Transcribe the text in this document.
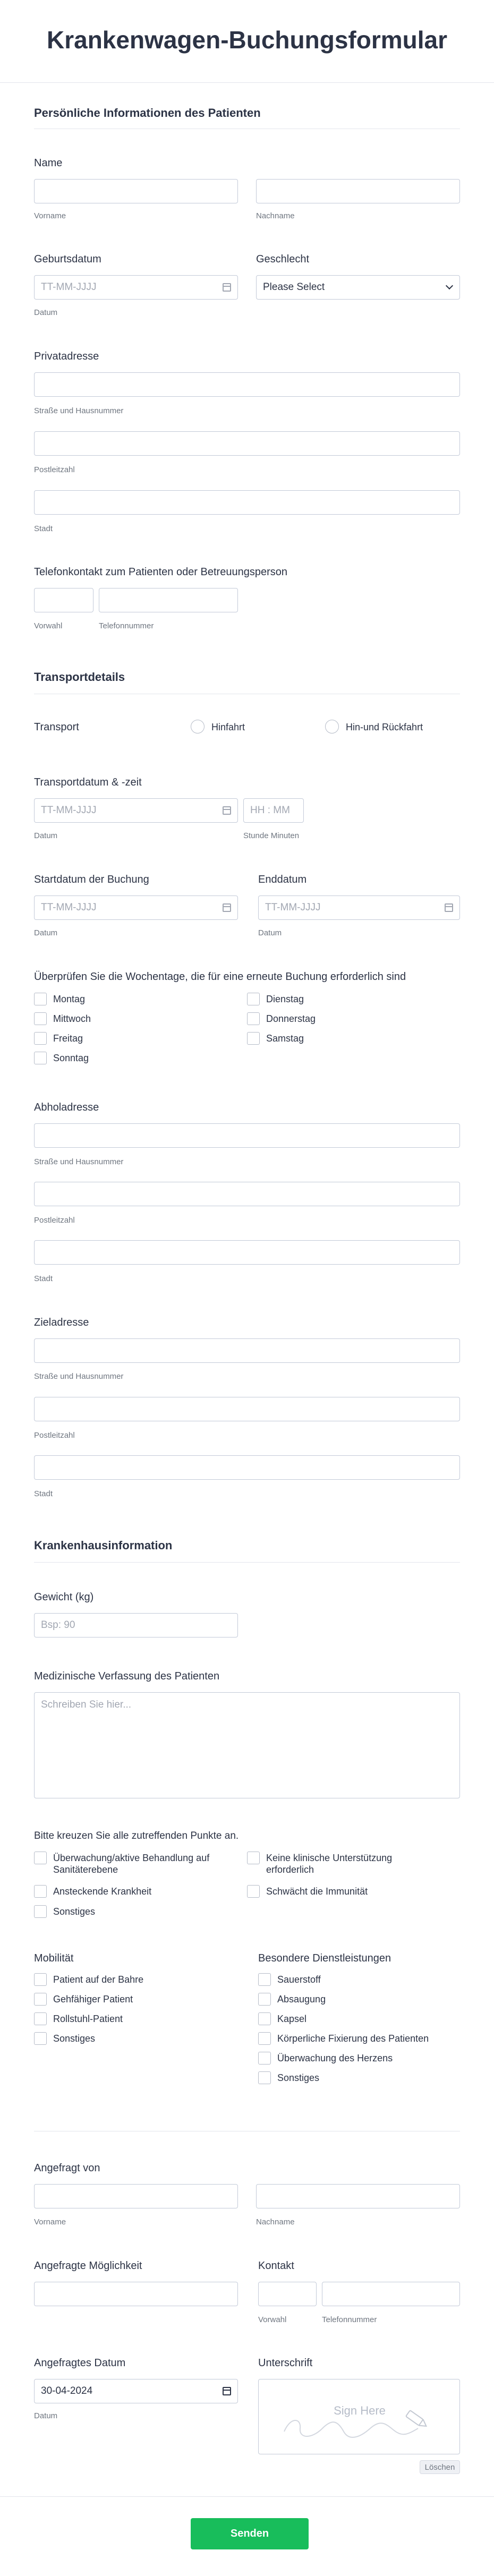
Krankenwagen-Buchungsformular
Persönliche Informationen des Patienten
Name
Vorname	Nachname
Geburtsdatum
TT-MM-JJJJ
Datum
Geschlecht
Please Select
Privatadresse
Straße und Hausnummer
Postleitzahl
Stadt
Telefonkontakt zum Patienten oder Betreuungsperson
Vorwahl	Telefonnummer
Transportdetails
Transport	Hinfahrt	Hin-und Rückfahrt
Transportdatum & -zeit
TT-MM-JJJJ	HH : MM
Datum	Stunde Minuten
Startdatum der Buchung
TT-MM-JJJJ
Datum
Enddatum
TT-MM-JJJJ
Datum
Überprüfen Sie die Wochentage, die für eine erneute Buchung erforderlich sind
Montag
Mittwoch
Freitag
Sonntag
Dienstag
Donnerstag
Samstag
Abholadresse
Straße und Hausnummer
Postleitzahl
Stadt
Zieladresse
Straße und Hausnummer
Postleitzahl
Stadt
Krankenhausinformation
Gewicht (kg)
Bsp: 90
Medizinische Verfassung des Patienten
Schreiben Sie hier...
Bitte kreuzen Sie alle zutreffenden Punkte an.
Überwachung/aktive Behandlung auf Sanitäterebene
Ansteckende Krankheit
Sonstiges
Keine klinische Unterstützung erforderlich
Schwächt die Immunität
Mobilität
Patient auf der Bahre
Gehfähiger Patient
Rollstuhl-Patient
Sonstiges
Besondere Dienstleistungen
Sauerstoff
Absaugung
Kapsel
Körperliche Fixierung des Patienten
Überwachung des Herzens
Sonstiges
Angefragt von
Vorname	Nachname
Angefragte Möglichkeit	Kontakt
Vorwahl	Telefonnummer
Angefragtes Datum
30-04-2024
Datum
Unterschrift
Sign Here
Löschen
Senden
